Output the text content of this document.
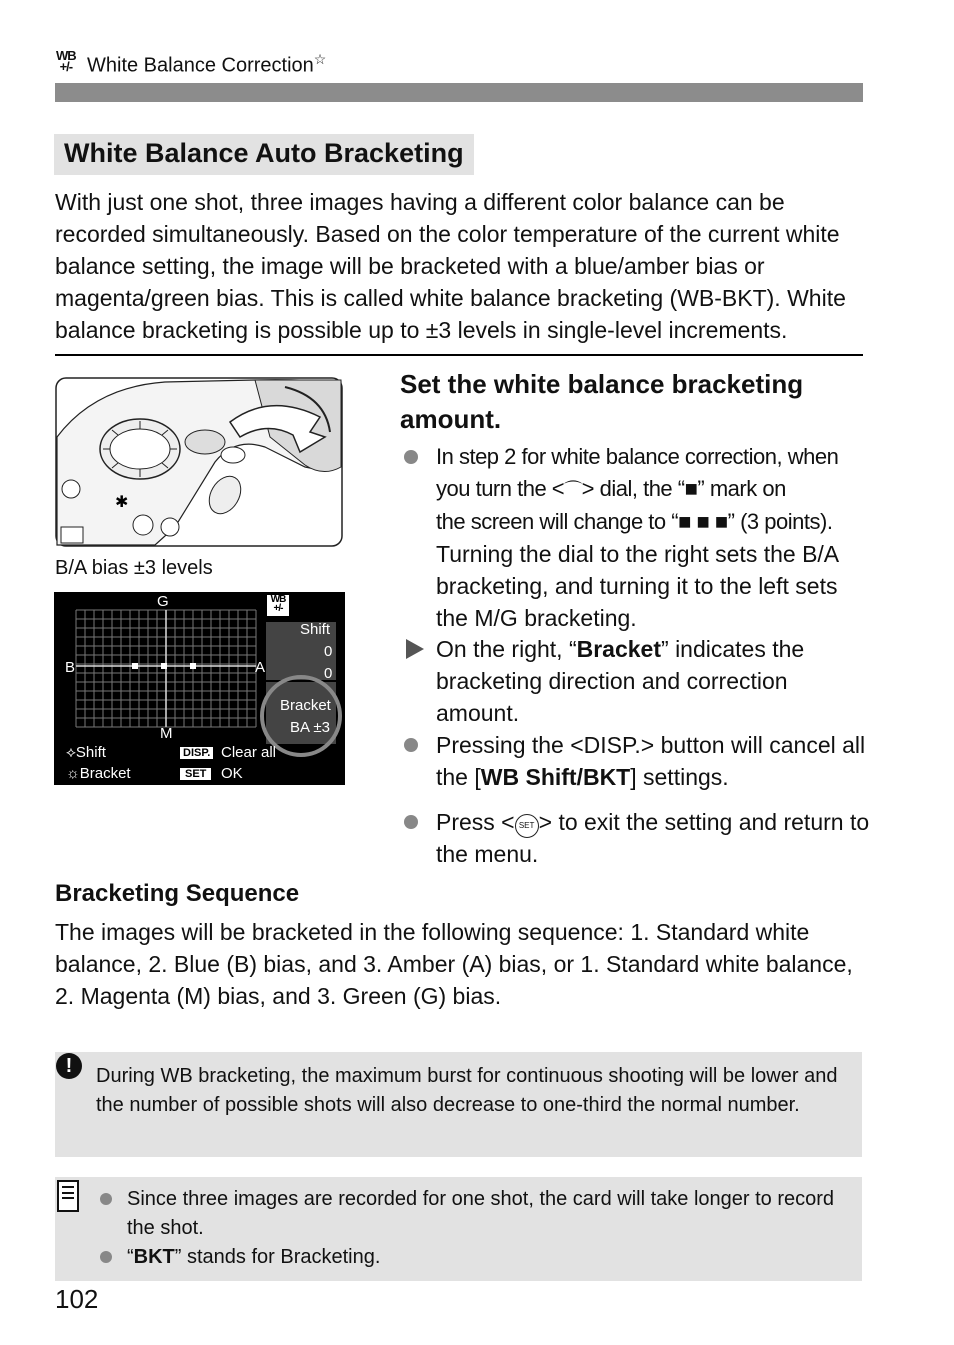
WB
+/- White Balance Correction☆
White Balance Auto Bracketing
With just one shot, three images having a different color balance can be recorded simultaneously. Based on the color temperature of the current white balance setting, the image will be bracketed with a blue/amber bias or magenta/green bias. This is called white balance bracketing (WB-BKT). White balance bracketing is possible up to ±3 levels in single-level increments.
✱
B/A bias ±3 levels
G
B	A
M
WB
+/-
Shift
0
0
Bracket
BA ±3
⟡Shift
☼Bracket
DISP. Clear all
SET OK
Set the white balance bracketing amount.
In step 2 for white balance correction, when
you turn the <⌒> dial, the “■” mark on
the screen will change to “■ ■ ■” (3 points).
Turning the dial to the right sets the B/A bracketing, and turning it to the left sets the M/G bracketing.
On the right, “Bracket” indicates the bracketing direction and correction amount.
Pressing the <DISP.> button will cancel all the [WB Shift/BKT] settings.
Press < SET > to exit the setting and return to the menu.
Bracketing Sequence
The images will be bracketed in the following sequence: 1. Standard white balance, 2. Blue (B) bias, and 3. Amber (A) bias, or 1. Standard white balance, 2. Magenta (M) bias, and 3. Green (G) bias.
!	During WB bracketing, the maximum burst for continuous shooting will be lower and the number of possible shots will also decrease to one-third the normal number.
Since three images are recorded for one shot, the card will take longer to record the shot.
“BKT” stands for Bracketing.
102
